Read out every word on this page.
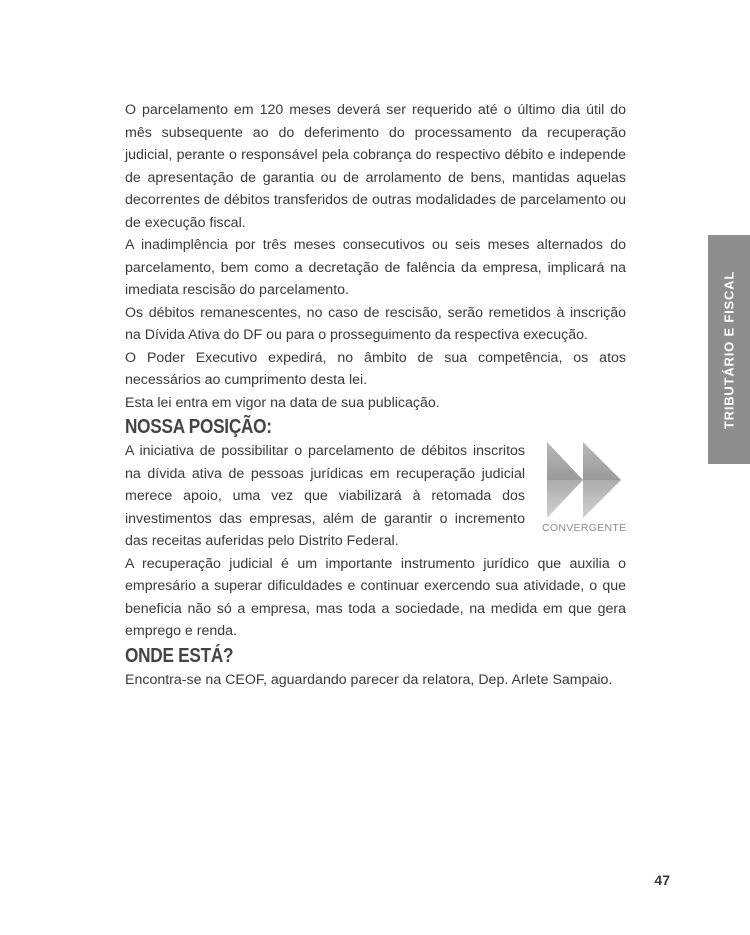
O parcelamento em 120 meses deverá ser requerido até o último dia útil do mês subsequente ao do deferimento do processamento da recuperação judicial, perante o responsável pela cobrança do respectivo débito e independe de apresentação de garantia ou de arrolamento de bens, mantidas aquelas decorrentes de débitos transferidos de outras modalidades de parcelamento ou de execução fiscal.

A inadimplência por três meses consecutivos ou seis meses alternados do parcelamento, bem como a decretação de falência da empresa, implicará na imediata rescisão do parcelamento.

Os débitos remanescentes, no caso de rescisão, serão remetidos à inscrição na Dívida Ativa do DF ou para o prosseguimento da respectiva execução.

O Poder Executivo expedirá, no âmbito de sua competência, os atos necessários ao cumprimento desta lei.

Esta lei entra em vigor na data de sua publicação.

NOSSA POSIÇÃO:

A iniciativa de possibilitar o parcelamento de débitos inscritos na dívida ativa de pessoas jurídicas em recuperação judicial merece apoio, uma vez que viabilizará à retomada dos investimentos das empresas, além de garantir o incremento das receitas auferidas pelo Distrito Federal.

CONVERGENTE

A recuperação judicial é um importante instrumento jurídico que auxilia o empresário a superar dificuldades e continuar exercendo sua atividade, o que beneficia não só a empresa, mas toda a sociedade, na medida em que gera emprego e renda.

ONDE ESTÁ?

Encontra-se na CEOF, aguardando parecer da relatora, Dep. Arlete Sampaio.

TRIBUTÁRIO E FISCAL
47
